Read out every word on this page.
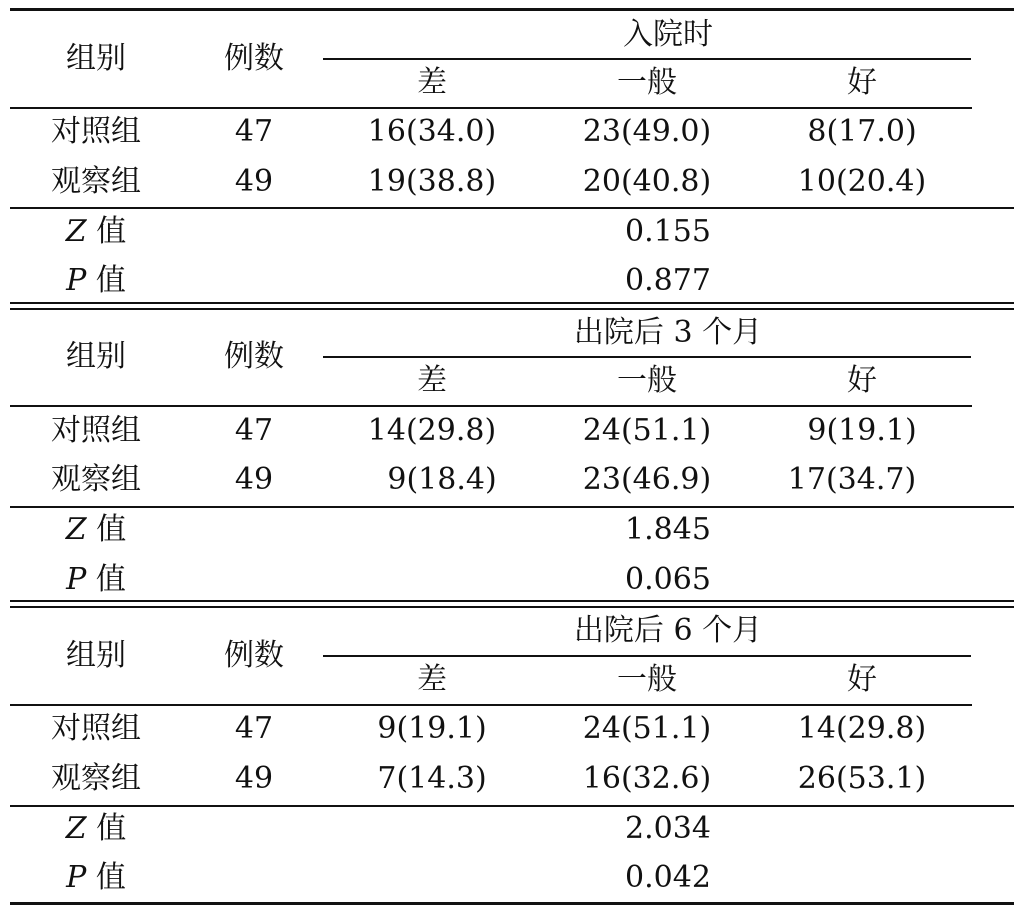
组别	例数
入院时
差	一般	好
对照组	47	16(34.0)	23(49.0)	8(17.0)
观察组	49	19(38.8)	20(40.8)	10(20.4)
Z 值	0.155
P 值	0.877
组别	例数
出院后 3 个月
差	一般	好
对照组	47	14(29.8)	24(51.1)	9(19.1)
观察组	49	9(18.4)	23(46.9)	17(34.7)
Z 值	1.845
P 值	0.065
组别	例数
出院后 6 个月
差	一般	好
对照组	47	9(19.1)	24(51.1)	14(29.8)
观察组	49	7(14.3)	16(32.6)	26(53.1)
Z 值	2.034
P 值	0.042
